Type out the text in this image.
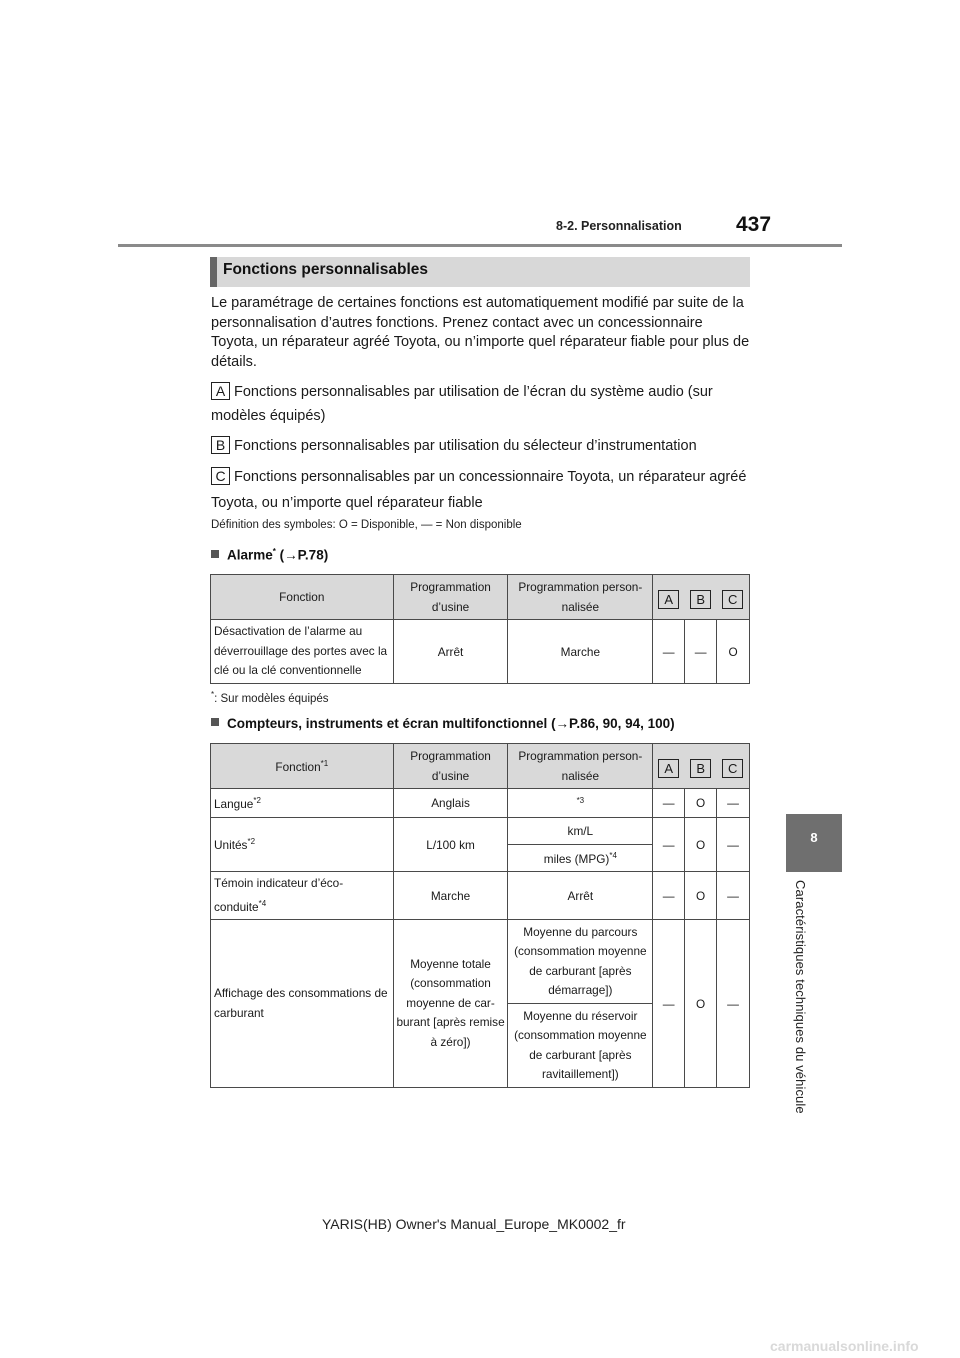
8-2. Personnalisation	437
8
Caractéristiques techniques du véhicule
Fonctions personnalisables
Le paramétrage de certaines fonctions est automatiquement modifié par suite de la personnalisation d’autres fonctions. Prenez contact avec un concessionnaire Toyota, un réparateur agréé Toyota, ou n’importe quel réparateur fiable pour plus de détails.
A Fonctions personnalisables par utilisation de l’écran du système audio (sur
modèles équipés)
B Fonctions personnalisables par utilisation du sélecteur d’instrumentation
C Fonctions personnalisables par un concessionnaire Toyota, un réparateur agréé
Toyota, ou n’importe quel réparateur fiable
Définition des symboles: O = Disponible, — = Non disponible
Alarme* (→P.78)
Fonction	Programmation d’usine	Programmation person-nalisée	A B C		

Désactivation de l’alarme au déverrouillage des portes avec la clé ou la clé conventionnelle	Arrêt	Marche	—	—	O
*: Sur modèles équipés
Compteurs, instruments et écran multifonctionnel (→P.86, 90, 94, 100)
Fonction$^{*1}$	Programmation d’usine	Programmation person-nalisée	A B C		

Langue$^{*2}$	Anglais	$^{*3}$	—	O	—
Unités$^{*2}$	L/100 km	km/L	—	O	—
		miles (MPG)$^{*4}$
Témoin indicateur d’éco-conduite$^{*4}$	Marche	Arrêt	—	O	—
Affichage des consommations de carburant	Moyenne totale (consommation moyenne de car-burant [après remise à zéro])	Moyenne du parcours (consommation moyenne de carburant [après démarrage])	—	O	—
		Moyenne du réservoir (consommation moyenne de carburant [après ravitaillement])			
YARIS(HB) Owner's Manual_Europe_MK0002_fr
carmanualsonline.info
